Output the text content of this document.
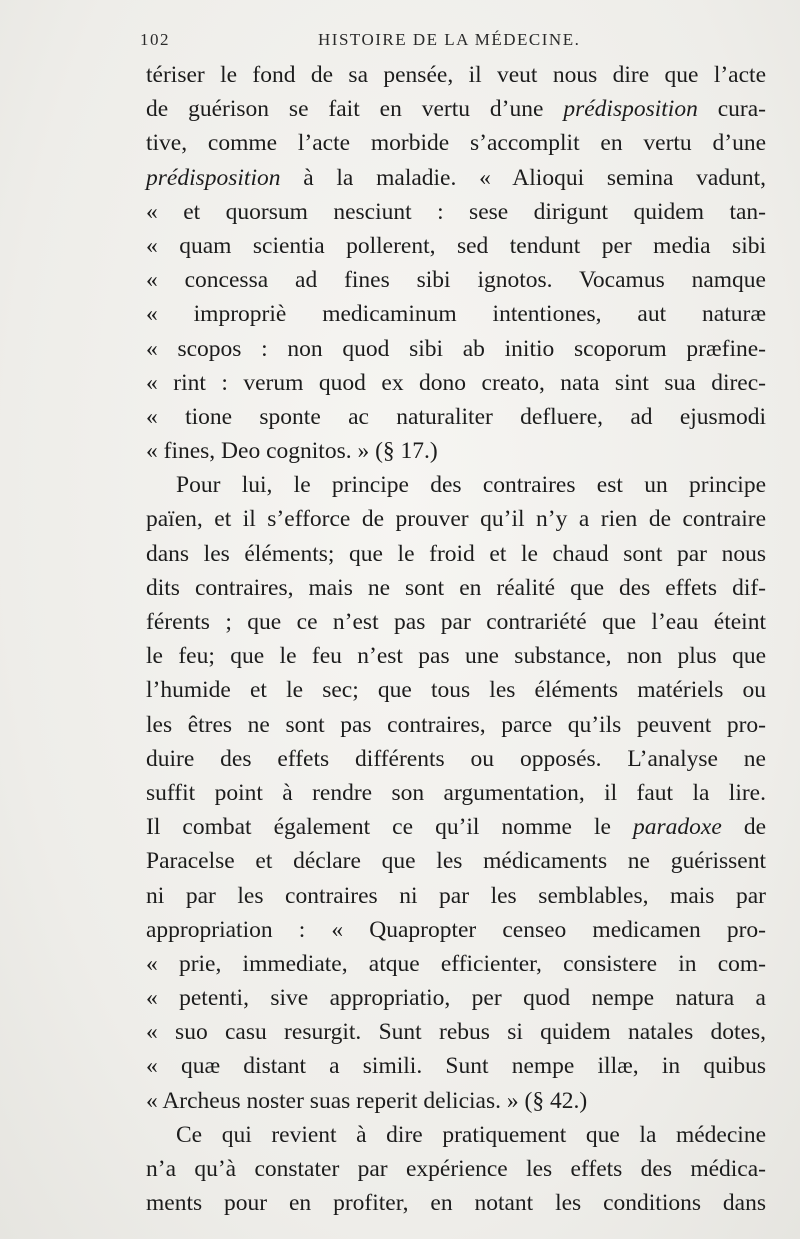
102	HISTOIRE DE LA MÉDECINE.
tériser le fond de sa pensée, il veut nous dire que l’acte
de guérison se fait en vertu d’une prédisposition cura-
tive, comme l’acte morbide s’accomplit en vertu d’une
prédisposition à la maladie. « Alioqui semina vadunt,
« et quorsum nesciunt : sese dirigunt quidem tan-
« quam scientia pollerent, sed tendunt per media sibi
« concessa ad fines sibi ignotos. Vocamus namque
« impropriè medicaminum intentiones, aut naturæ
« scopos : non quod sibi ab initio scoporum præfine-
« rint : verum quod ex dono creato, nata sint sua direc-
« tione sponte ac naturaliter defluere, ad ejusmodi
« fines, Deo cognitos. » (§ 17.)
Pour lui, le principe des contraires est un principe
païen, et il s’efforce de prouver qu’il n’y a rien de contraire
dans les éléments; que le froid et le chaud sont par nous
dits contraires, mais ne sont en réalité que des effets dif-
férents ; que ce n’est pas par contrariété que l’eau éteint
le feu; que le feu n’est pas une substance, non plus que
l’humide et le sec; que tous les éléments matériels ou
les êtres ne sont pas contraires, parce qu’ils peuvent pro-
duire des effets différents ou opposés. L’analyse ne
suffit point à rendre son argumentation, il faut la lire.
Il combat également ce qu’il nomme le paradoxe de
Paracelse et déclare que les médicaments ne guérissent
ni par les contraires ni par les semblables, mais par
appropriation : « Quapropter censeo medicamen pro-
« prie, immediate, atque efficienter, consistere in com-
« petenti, sive appropriatio, per quod nempe natura a
« suo casu resurgit. Sunt rebus si quidem natales dotes,
« quæ distant a simili. Sunt nempe illæ, in quibus
« Archeus noster suas reperit delicias. » (§ 42.)
Ce qui revient à dire pratiquement que la médecine
n’a qu’à constater par expérience les effets des médica-
ments pour en profiter, en notant les conditions dans
